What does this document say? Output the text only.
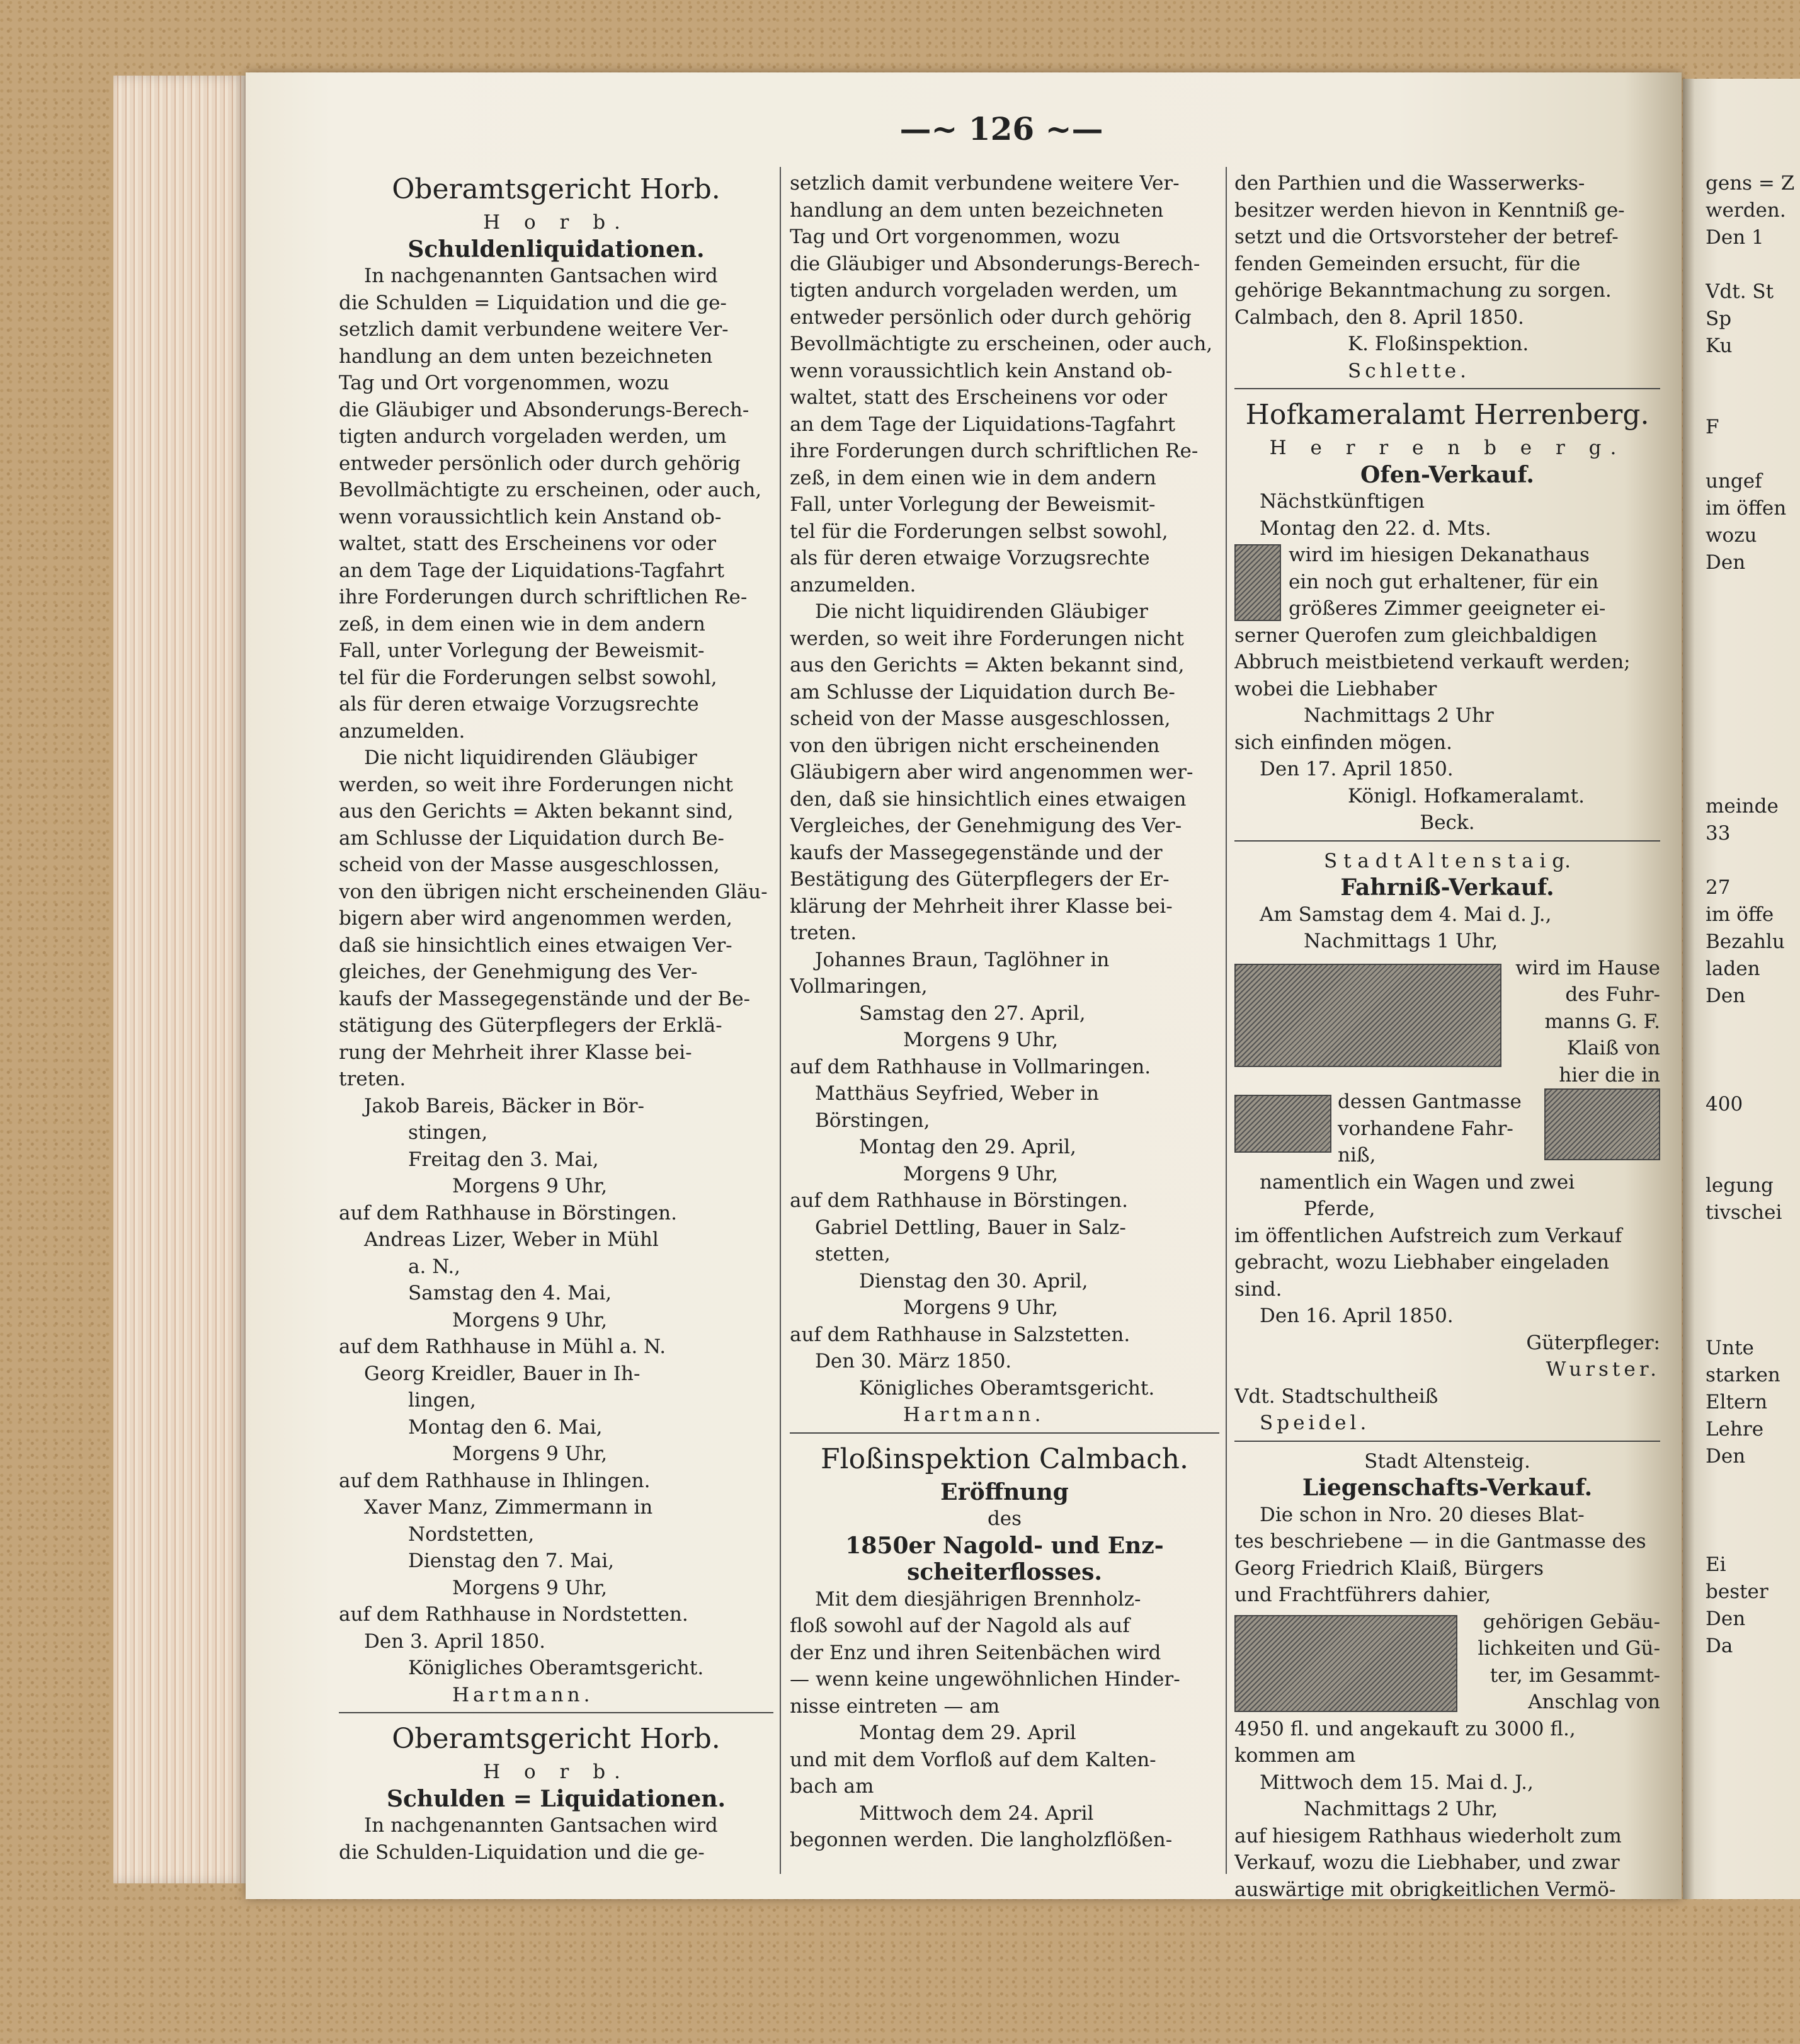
—~ 126 ~—
Oberamtsgericht Horb.
H o r b.
Schuldenliquidationen.
In nachgenannten Gantsachen wird
die Schulden = Liquidation und die ge-
setzlich damit verbundene weitere Ver-
handlung an dem unten bezeichneten
Tag und Ort vorgenommen, wozu
die Gläubiger und Absonderungs-Berech-
tigten andurch vorgeladen werden, um
entweder persönlich oder durch gehörig
Bevollmächtigte zu erscheinen, oder auch,
wenn voraussichtlich kein Anstand ob-
waltet, statt des Erscheinens vor oder
an dem Tage der Liquidations-Tagfahrt
ihre Forderungen durch schriftlichen Re-
zeß, in dem einen wie in dem andern
Fall, unter Vorlegung der Beweismit-
tel für die Forderungen selbst sowohl,
als für deren etwaige Vorzugsrechte
anzumelden.
Die nicht liquidirenden Gläubiger
werden, so weit ihre Forderungen nicht
aus den Gerichts = Akten bekannt sind,
am Schlusse der Liquidation durch Be-
scheid von der Masse ausgeschlossen,
von den übrigen nicht erscheinenden Gläu-
bigern aber wird angenommen werden,
daß sie hinsichtlich eines etwaigen Ver-
gleiches, der Genehmigung des Ver-
kaufs der Massegegenstände und der Be-
stätigung des Güterpflegers der Erklä-
rung der Mehrheit ihrer Klasse bei-
treten.
Jakob Bareis, Bäcker in Bör-
stingen,
Freitag den 3. Mai,
Morgens 9 Uhr,
auf dem Rathhause in Börstingen.
Andreas Lizer, Weber in Mühl
a. N.,
Samstag den 4. Mai,
Morgens 9 Uhr,
auf dem Rathhause in Mühl a. N.
Georg Kreidler, Bauer in Ih-
lingen,
Montag den 6. Mai,
Morgens 9 Uhr,
auf dem Rathhause in Ihlingen.
Xaver Manz, Zimmermann in
Nordstetten,
Dienstag den 7. Mai,
Morgens 9 Uhr,
auf dem Rathhause in Nordstetten.
Den 3. April 1850.
Königliches Oberamtsgericht.
Hartmann.
Oberamtsgericht Horb.
H o r b.
Schulden = Liquidationen.
In nachgenannten Gantsachen wird
die Schulden-Liquidation und die ge-
setzlich damit verbundene weitere Ver-
handlung an dem unten bezeichneten
Tag und Ort vorgenommen, wozu
die Gläubiger und Absonderungs-Berech-
tigten andurch vorgeladen werden, um
entweder persönlich oder durch gehörig
Bevollmächtigte zu erscheinen, oder auch,
wenn voraussichtlich kein Anstand ob-
waltet, statt des Erscheinens vor oder
an dem Tage der Liquidations-Tagfahrt
ihre Forderungen durch schriftlichen Re-
zeß, in dem einen wie in dem andern
Fall, unter Vorlegung der Beweismit-
tel für die Forderungen selbst sowohl,
als für deren etwaige Vorzugsrechte
anzumelden.
Die nicht liquidirenden Gläubiger
werden, so weit ihre Forderungen nicht
aus den Gerichts = Akten bekannt sind,
am Schlusse der Liquidation durch Be-
scheid von der Masse ausgeschlossen,
von den übrigen nicht erscheinenden
Gläubigern aber wird angenommen wer-
den, daß sie hinsichtlich eines etwaigen
Vergleiches, der Genehmigung des Ver-
kaufs der Massegegenstände und der
Bestätigung des Güterpflegers der Er-
klärung der Mehrheit ihrer Klasse bei-
treten.
Johannes Braun, Taglöhner in
Vollmaringen,
Samstag den 27. April,
Morgens 9 Uhr,
auf dem Rathhause in Vollmaringen.
Matthäus Seyfried, Weber in
Börstingen,
Montag den 29. April,
Morgens 9 Uhr,
auf dem Rathhause in Börstingen.
Gabriel Dettling, Bauer in Salz-
stetten,
Dienstag den 30. April,
Morgens 9 Uhr,
auf dem Rathhause in Salzstetten.
Den 30. März 1850.
Königliches Oberamtsgericht.
Hartmann.
Floßinspektion Calmbach.
Eröffnung
des
1850er Nagold- und Enz-
scheiterflosses.
Mit dem diesjährigen Brennholz-
floß sowohl auf der Nagold als auf
der Enz und ihren Seitenbächen wird
— wenn keine ungewöhnlichen Hinder-
nisse eintreten — am
Montag dem 29. April
und mit dem Vorfloß auf dem Kalten-
bach am
Mittwoch dem 24. April
begonnen werden. Die langholzflößen-
den Parthien und die Wasserwerks-
besitzer werden hievon in Kenntniß ge-
setzt und die Ortsvorsteher der betref-
fenden Gemeinden ersucht, für die
gehörige Bekanntmachung zu sorgen.
Calmbach, den 8. April 1850.
K. Floßinspektion.
Schlette.
Hofkameralamt Herrenberg.
H e r r e n b e r g.
Ofen-Verkauf.
Nächstkünftigen
Montag den 22. d. Mts.
wird im hiesigen Dekanathaus
ein noch gut erhaltener, für ein
größeres Zimmer geeigneter ei-
serner Querofen zum gleichbaldigen
Abbruch meistbietend verkauft werden;
wobei die Liebhaber
Nachmittags 2 Uhr
sich einfinden mögen.
Den 17. April 1850.
Königl. Hofkameralamt.
Beck.
S t a d t A l t e n s t a i g.
Fahrniß-Verkauf.
Am Samstag dem 4. Mai d. J.,
Nachmittags 1 Uhr,
wird im Hause
des Fuhr-
manns G. F.
Klaiß von
hier die in
dessen Gantmasse
vorhandene Fahr-
niß,
namentlich ein Wagen und zwei
Pferde,
im öffentlichen Aufstreich zum Verkauf
gebracht, wozu Liebhaber eingeladen sind.
Den 16. April 1850.
Güterpfleger:
Wurster.
Vdt. Stadtschultheiß
Speidel.
Stadt Altensteig.
Liegenschafts-Verkauf.
Die schon in Nro. 20 dieses Blat-
tes beschriebene — in die Gantmasse des
Georg Friedrich Klaiß, Bürgers
und Frachtführers dahier,
gehörigen Gebäu-
lichkeiten und Gü-
ter, im Gesammt-
Anschlag von
4950 fl. und angekauft zu 3000 fl.,
kommen am
Mittwoch dem 15. Mai d. J.,
Nachmittags 2 Uhr,
auf hiesigem Rathhaus wiederholt zum
Verkauf, wozu die Liebhaber, und zwar
auswärtige mit obrigkeitlichen Vermö-
gens = Z
werden.
Den 1

Vdt. St
Sp
Ku

F

ungef
im öffen
wozu
Den

meinde
33

27
im öffe
Bezahlu
laden
Den

400

legung
tivschei

Unte
starken
Eltern
Lehre
Den

Ei
bester
Den
Da
